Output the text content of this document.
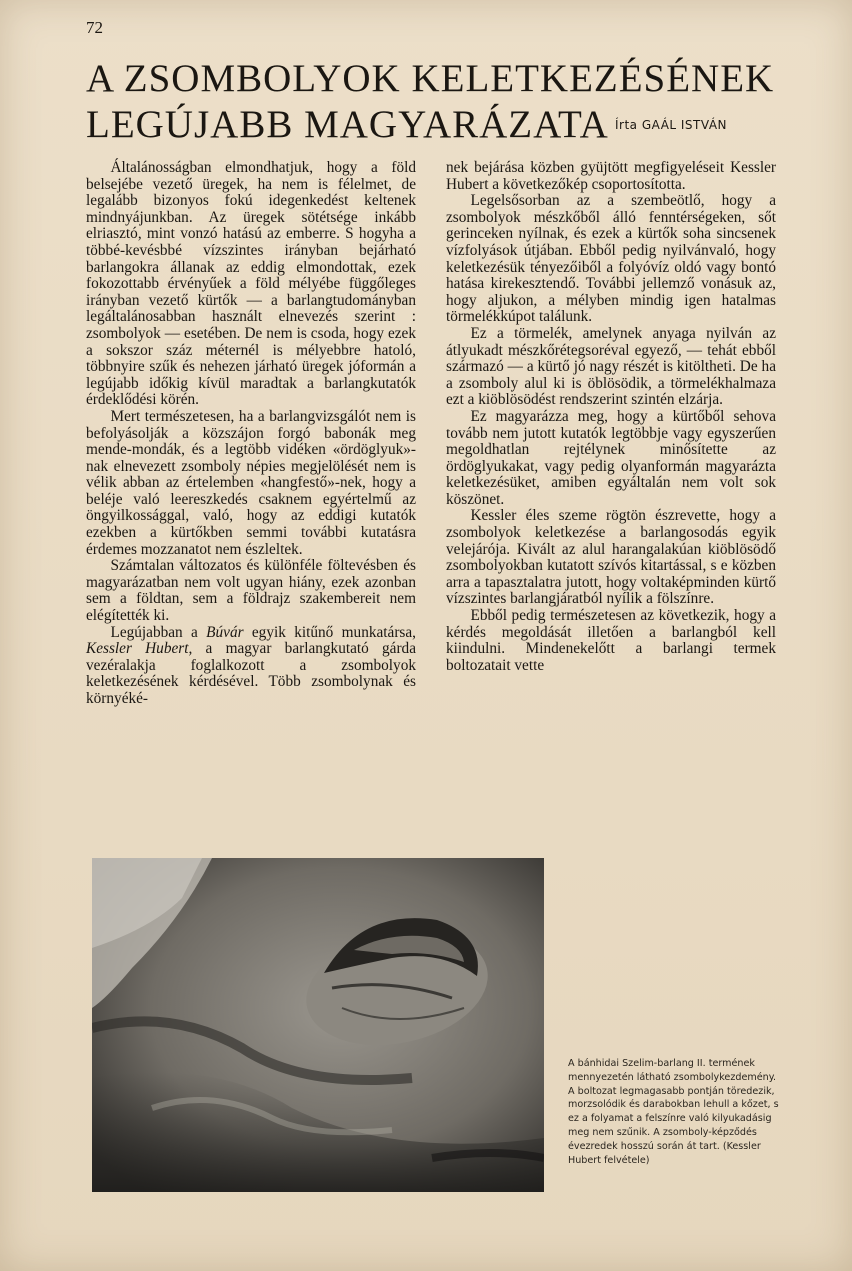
72
A ZSOMBOLYOK KELETKEZÉSÉNEK
LEGÚJABB MAGYARÁZATA Írta GAÁL ISTVÁN

Általánosságban elmondhatjuk, hogy a föld belsejébe vezető üregek, ha nem is félelmet, de legalább bizonyos fokú idegenkedést keltenek mindnyájunkban. Az üregek sötétsége inkább elriasztó, mint vonzó hatású az emberre. S hogyha a többé-kevésbbé vízszintes irányban bejárható barlangokra állanak az eddig elmondottak, ezek fokozottabb érvényűek a föld mélyébe függőleges irányban vezető kürtők — a barlangtudományban legáltalánosabban használt elnevezés szerint : zsombolyok — esetében. De nem is csoda, hogy ezek a sokszor száz méternél is mélyebbre hatoló, többnyire szűk és nehezen járható üregek jóformán a legújabb időkig kívül maradtak a barlangkutatók érdeklődési körén.

Mert természetesen, ha a barlangvizsgálót nem is befolyásolják a közszájon forgó babonák meg mende-mondák, és a legtöbb vidéken «ördöglyuk»-nak elnevezett zsomboly népies megjelölését nem is vélik abban az értelemben «hangfestő»-nek, hogy a beléje való leereszkedés csaknem egyértelmű az öngyilkossággal, való, hogy az eddigi kutatók ezekben a kürtőkben semmi további kutatásra érdemes mozzanatot nem észleltek.

Számtalan változatos és különféle föltevésben és magyarázatban nem volt ugyan hiány, ezek azonban sem a földtan, sem a földrajz szakembereit nem elégítették ki.

Legújabban a Búvár egyik kitűnő munkatársa, Kessler Hubert, a magyar barlangkutató gárda vezéralakja foglalkozott a zsombolyok keletkezésének kérdésével. Több zsombolynak és környéké-

nek bejárása közben gyüjtött megfigyeléseit Kessler Hubert a következőkép csoportosította.

Legelsősorban az a szembeötlő, hogy a zsombolyok mészkőből álló fenntérségeken, sőt gerinceken nyílnak, és ezek a kürtők soha sincsenek vízfolyások útjában. Ebből pedig nyilvánvaló, hogy keletkezésük tényezőiből a folyóvíz oldó vagy bontó hatása kirekesztendő. További jellemző vonásuk az, hogy aljukon, a mélyben mindig igen hatalmas törmelékkúpot találunk.

Ez a törmelék, amelynek anyaga nyilván az átlyukadt mészkőrétegsoréval egyező, — tehát ebből származó — a kürtő jó nagy részét is kitöltheti. De ha a zsomboly alul ki is öblösödik, a törmelékhalmaza ezt a kiöblösödést rendszerint szintén elzárja.

Ez magyarázza meg, hogy a kürtőből sehova tovább nem jutott kutatók legtöbbje vagy egyszerűen megoldhatlan rejtélynek minősítette az ördöglyukakat, vagy pedig olyanformán magyarázta keletkezésüket, amiben egyáltalán nem volt sok köszönet.

Kessler éles szeme rögtön észrevette, hogy a zsombolyok keletkezése a barlangosodás egyik velejárója. Kivált az alul harangalakúan kiöblösödő zsombolyokban kutatott szívós kitartással, s e közben arra a tapasztalatra jutott, hogy voltaképminden kürtő vízszintes barlangjáratból nyílik a fölszínre.

Ebből pedig természetesen az következik, hogy a kérdés megoldását illetően a barlangból kell kiindulni. Mindenekelőtt a barlangi termek boltozatait vette

A bánhidai Szelim-barlang II. termének mennyezetén látható zsombolykezdemény. A boltozat legmagasabb pontján töredezik, morzsolódik és darabokban lehull a kőzet, s ez a folyamat a felszínre való kilyukadásig meg nem szűnik. A zsomboly-képződés évezredek hosszú során át tart. (Kessler Hubert felvétele)
